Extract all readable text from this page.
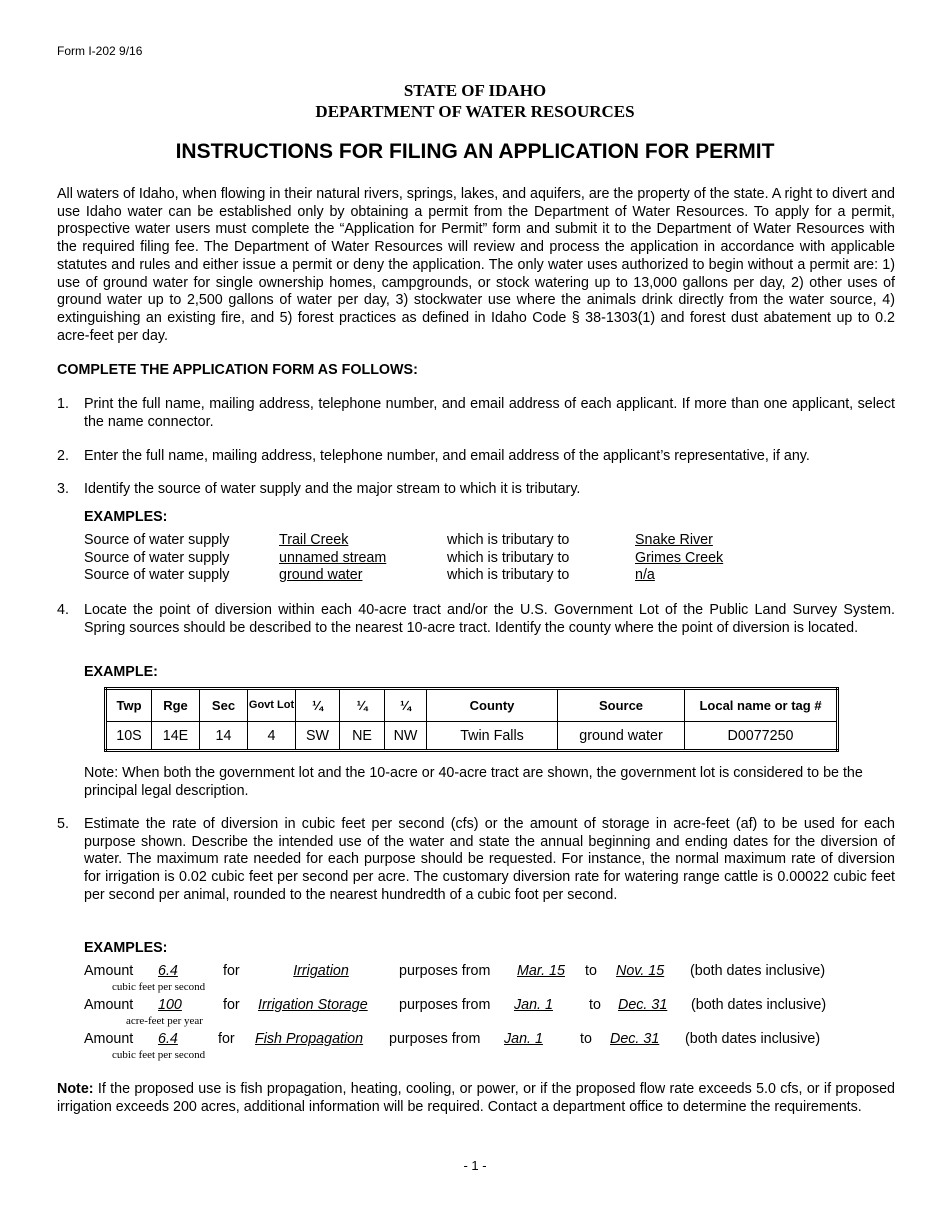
Form I-202 9/16
STATE OF IDAHO
DEPARTMENT OF WATER RESOURCES
INSTRUCTIONS FOR FILING AN APPLICATION FOR PERMIT
All waters of Idaho, when flowing in their natural rivers, springs, lakes, and aquifers, are the property of the state. A right to divert and use Idaho water can be established only by obtaining a permit from the Department of Water Resources. To apply for a permit, prospective water users must complete the “Application for Permit” form and submit it to the Department of Water Resources with the required filing fee. The Department of Water Resources will review and process the application in accordance with applicable statutes and rules and either issue a permit or deny the application. The only water uses authorized to begin without a permit are: 1) use of ground water for single ownership homes, campgrounds, or stock watering up to 13,000 gallons per day, 2) other uses of ground water up to 2,500 gallons of water per day, 3) stockwater use where the animals drink directly from the water source, 4) extinguishing an existing fire, and 5) forest practices as defined in Idaho Code § 38-1303(1) and forest dust abatement up to 0.2 acre-feet per day.
COMPLETE THE APPLICATION FORM AS FOLLOWS:
1. Print the full name, mailing address, telephone number, and email address of each applicant. If more than one applicant, select the name connector.
2. Enter the full name, mailing address, telephone number, and email address of the applicant’s representative, if any.
3. Identify the source of water supply and the major stream to which it is tributary.
EXAMPLES:
Source of water supply	Trail Creek	which is tributary to	Snake River
Source of water supply	unnamed stream	which is tributary to	Grimes Creek
Source of water supply	ground water	which is tributary to	n/a
4. Locate the point of diversion within each 40-acre tract and/or the U.S. Government Lot of the Public Land Survey System. Spring sources should be described to the nearest 10-acre tract. Identify the county where the point of diversion is located.
EXAMPLE:
Twp	Rge	Sec	Govt Lot	¼	¼	¼	County	Source	Local name or tag #
10S	14E	14	4	SW	NE	NW	Twin Falls	ground water	D0077250
Note: When both the government lot and the 10-acre or 40-acre tract are shown, the government lot is considered to be the principal legal description.
5. Estimate the rate of diversion in cubic feet per second (cfs) or the amount of storage in acre-feet (af) to be used for each purpose shown. Describe the intended use of the water and state the annual beginning and ending dates for the diversion of water. The maximum rate needed for each purpose should be requested. For instance, the normal maximum rate of diversion for irrigation is 0.02 cubic feet per second per acre. The customary diversion rate for watering range cattle is 0.00022 cubic feet per second per animal, rounded to the nearest hundredth of a cubic foot per second.
EXAMPLES:
Amount 6.4	for	Irrigation	purposes from Mar. 15	to Nov. 15	(both dates inclusive)
cubic feet per second
Amount 100	for Irrigation Storage	purposes from Jan. 1	to Dec. 31 (both dates inclusive)
acre-feet per year
Amount 6.4	for Fish Propagation	purposes from Jan. 1	to Dec. 31 (both dates inclusive)
cubic feet per second
Note: If the proposed use is fish propagation, heating, cooling, or power, or if the proposed flow rate exceeds 5.0 cfs, or if proposed irrigation exceeds 200 acres, additional information will be required. Contact a department office to determine the requirements.
- 1 -
